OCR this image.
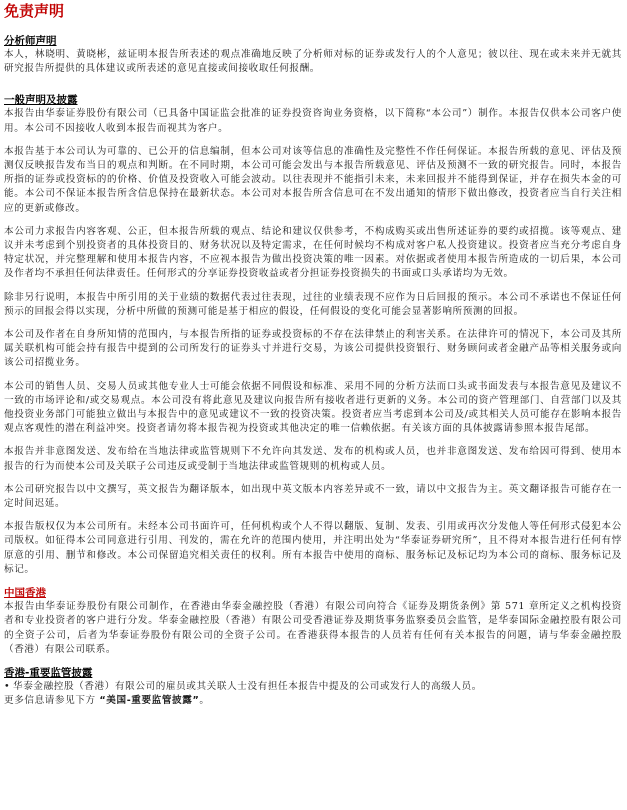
免责声明
分析师声明

本人，林晓明、黄晓彬，兹证明本报告所表述的观点准确地反映了分析师对标的证券或发行人的个人意见；彼以往、现在或未来并无就其研究报告所提供的具体建议或所表述的意见直接或间接收取任何报酬。

一般声明及披露

本报告由华泰证券股份有限公司（已具备中国证监会批准的证券投资咨询业务资格，以下简称“本公司”）制作。本报告仅供本公司客户使用。本公司不因接收人收到本报告而视其为客户。

本报告基于本公司认为可靠的、已公开的信息编制，但本公司对该等信息的准确性及完整性不作任何保证。本报告所载的意见、评估及预测仅反映报告发布当日的观点和判断。在不同时期，本公司可能会发出与本报告所载意见、评估及预测不一致的研究报告。同时，本报告所指的证券或投资标的的价格、价值及投资收入可能会波动。以往表现并不能指引未来，未来回报并不能得到保证，并存在损失本金的可能。本公司不保证本报告所含信息保持在最新状态。本公司对本报告所含信息可在不发出通知的情形下做出修改，投资者应当自行关注相应的更新或修改。

本公司力求报告内容客观、公正，但本报告所载的观点、结论和建议仅供参考，不构成购买或出售所述证券的要约或招揽。该等观点、建议并未考虑到个别投资者的具体投资目的、财务状况以及特定需求，在任何时候均不构成对客户私人投资建议。投资者应当充分考虑自身特定状况，并完整理解和使用本报告内容，不应视本报告为做出投资决策的唯一因素。对依据或者使用本报告所造成的一切后果，本公司及作者均不承担任何法律责任。任何形式的分享证券投资收益或者分担证券投资损失的书面或口头承诺均为无效。

除非另行说明，本报告中所引用的关于业绩的数据代表过往表现，过往的业绩表现不应作为日后回报的预示。本公司不承诺也不保证任何预示的回报会得以实现，分析中所做的预测可能是基于相应的假设，任何假设的变化可能会显著影响所预测的回报。

本公司及作者在自身所知情的范围内，与本报告所指的证券或投资标的不存在法律禁止的利害关系。在法律许可的情况下，本公司及其所属关联机构可能会持有报告中提到的公司所发行的证券头寸并进行交易，为该公司提供投资银行、财务顾问或者金融产品等相关服务或向该公司招揽业务。

本公司的销售人员、交易人员或其他专业人士可能会依据不同假设和标准、采用不同的分析方法而口头或书面发表与本报告意见及建议不一致的市场评论和/或交易观点。本公司没有将此意见及建议向报告所有接收者进行更新的义务。本公司的资产管理部门、自营部门以及其他投资业务部门可能独立做出与本报告中的意见或建议不一致的投资决策。投资者应当考虑到本公司及/或其相关人员可能存在影响本报告观点客观性的潜在利益冲突。投资者请勿将本报告视为投资或其他决定的唯一信赖依据。有关该方面的具体披露请参照本报告尾部。

本报告并非意图发送、发布给在当地法律或监管规则下不允许向其发送、发布的机构或人员，也并非意图发送、发布给因可得到、使用本报告的行为而使本公司及关联子公司违反或受制于当地法律或监管规则的机构或人员。

本公司研究报告以中文撰写，英文报告为翻译版本，如出现中英文版本内容差异或不一致，请以中文报告为主。英文翻译报告可能存在一定时间迟延。

本报告版权仅为本公司所有。未经本公司书面许可，任何机构或个人不得以翻版、复制、发表、引用或再次分发他人等任何形式侵犯本公司版权。如征得本公司同意进行引用、刊发的，需在允许的范围内使用，并注明出处为“华泰证券研究所”，且不得对本报告进行任何有悖原意的引用、删节和修改。本公司保留追究相关责任的权利。所有本报告中使用的商标、服务标记及标记均为本公司的商标、服务标记及标记。

中国香港

本报告由华泰证券股份有限公司制作，在香港由华泰金融控股（香港）有限公司向符合《证券及期货条例》第 571 章所定义之机构投资者和专业投资者的客户进行分发。华泰金融控股（香港）有限公司受香港证券及期货事务监察委员会监管，是华泰国际金融控股有限公司的全资子公司，后者为华泰证券股份有限公司的全资子公司。在香港获得本报告的人员若有任何有关本报告的问题，请与华泰金融控股（香港）有限公司联系。

香港-重要监管披露

• 华泰金融控股（香港）有限公司的雇员或其关联人士没有担任本报告中提及的公司或发行人的高级人员。

更多信息请参见下方 “美国-重要监管披露”。
